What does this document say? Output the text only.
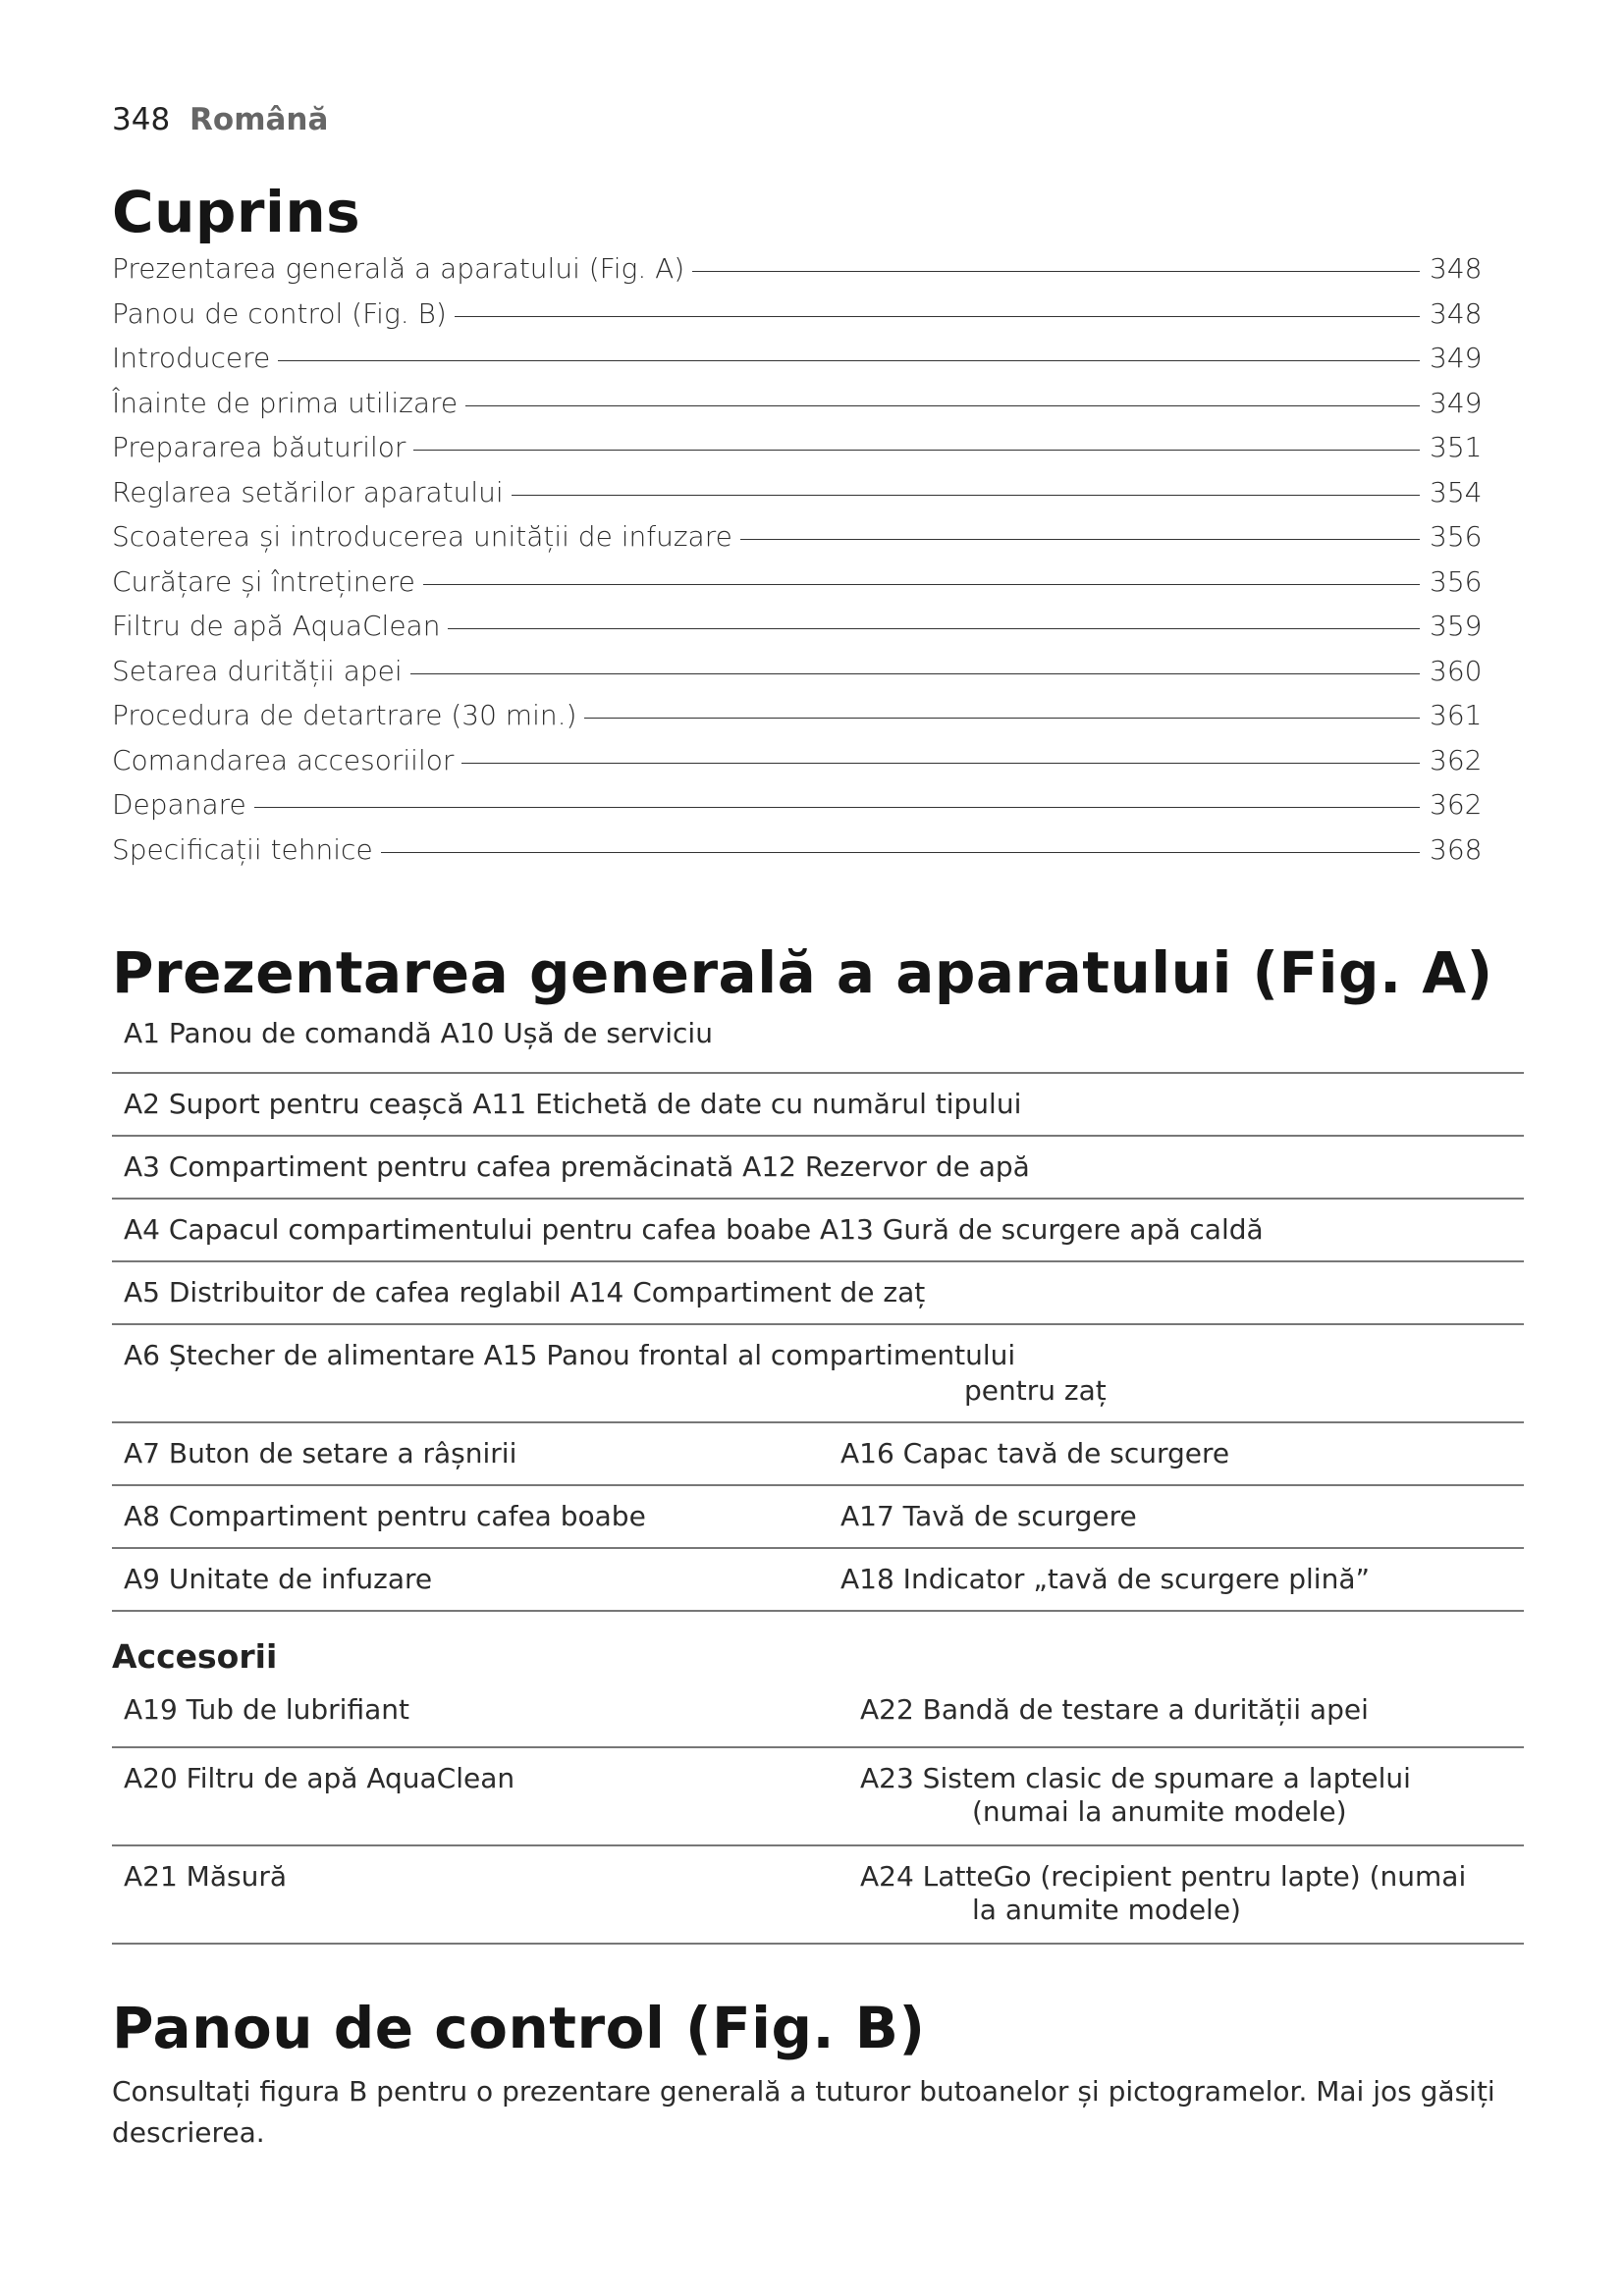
348 Română
Cuprins
Prezentarea generală a aparatului (Fig. A)	348
Panou de control (Fig. B)	348
Introducere	349
Înainte de prima utilizare	349
Prepararea băuturilor	351
Reglarea setărilor aparatului	354
Scoaterea și introducerea unității de infuzare	356
Curățare și întreținere	356
Filtru de apă AquaClean	359
Setarea durității apei	360
Procedura de detartrare (30 min.)	361
Comandarea accesoriilor	362
Depanare	362
Specificații tehnice	368
Prezentarea generală a aparatului (Fig. A)
A1 Panou de comandă A10 Ușă de serviciu
A2 Suport pentru ceașcă A11 Etichetă de date cu numărul tipului
A3 Compartiment pentru cafea premăcinată A12 Rezervor de apă
A4 Capacul compartimentului pentru cafea boabe A13 Gură de scurgere apă caldă
A5 Distribuitor de cafea reglabil A14 Compartiment de zaț
A6 Ștecher de alimentare A15 Panou frontal al compartimentului
pentru zaț
A7 Buton de setare a râșnirii	A16 Capac tavă de scurgere
A8 Compartiment pentru cafea boabe	A17 Tavă de scurgere
A9 Unitate de infuzare	A18 Indicator „tavă de scurgere plină”
Accesorii
A19 Tub de lubrifiant	A22 Bandă de testare a durității apei
A20 Filtru de apă AquaClean	A23 Sistem clasic de spumare a laptelui
(numai la anumite modele)
A21 Măsură	A24 LatteGo (recipient pentru lapte) (numai
la anumite modele)
Panou de control (Fig. B)
Consultați figura B pentru o prezentare generală a tuturor butoanelor și pictogramelor. Mai jos găsiți descrierea.
